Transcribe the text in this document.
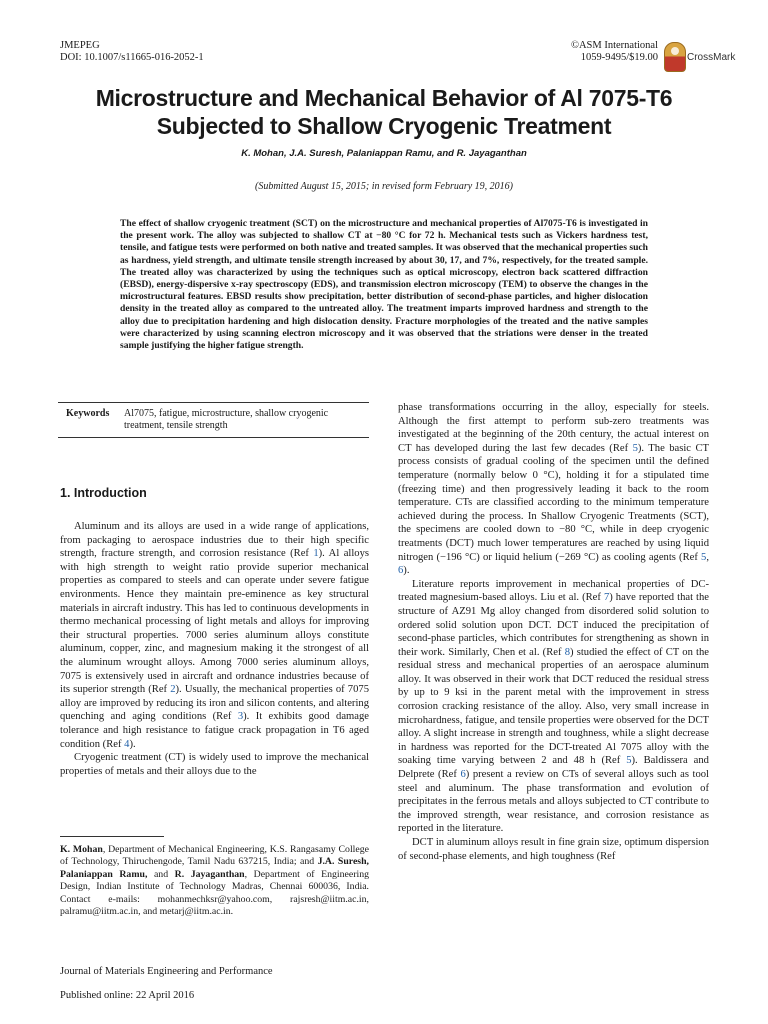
JMEPEG
DOI: 10.1007/s11665-016-2052-1
©ASM International
1059-9495/$19.00	CrossMark
Microstructure and Mechanical Behavior of Al 7075-T6 Subjected to Shallow Cryogenic Treatment
K. Mohan, J.A. Suresh, Palaniappan Ramu, and R. Jayaganthan
(Submitted August 15, 2015; in revised form February 19, 2016)
The effect of shallow cryogenic treatment (SCT) on the microstructure and mechanical properties of Al7075-T6 is investigated in the present work. The alloy was subjected to shallow CT at −80 °C for 72 h. Mechanical tests such as Vickers hardness test, tensile, and fatigue tests were performed on both native and treated samples. It was observed that the mechanical properties such as hardness, yield strength, and ultimate tensile strength increased by about 30, 17, and 7%, respectively, for the treated sample. The treated alloy was characterized by using the techniques such as optical microscopy, electron back scattered diffraction (EBSD), energy-dispersive x-ray spectroscopy (EDS), and transmission electron microscopy (TEM) to observe the changes in the microstructural features. EBSD results show precipitation, better distribution of second-phase particles, and higher dislocation density in the treated alloy as compared to the untreated alloy. The treatment imparts improved hardness and strength to the alloy due to precipitation hardening and high dislocation density. Fracture morphologies of the treated and the native samples were characterized by using scanning electron microscopy and it was observed that the striations were denser in the treated sample justifying the higher fatigue strength.
Keywords	Al7075, fatigue, microstructure, shallow cryogenic treatment, tensile strength
1. Introduction

Aluminum and its alloys are used in a wide range of applications, from packaging to aerospace industries due to their high specific strength, fracture strength, and corrosion resistance (Ref 1). Al alloys with high strength to weight ratio provide superior mechanical properties as compared to steels and can operate under severe fatigue environments. Hence they maintain pre-eminence as key structural materials in aircraft industry. This has led to continuous developments in thermo mechanical processing of light metals and alloys for improving their structural properties. 7000 series aluminum alloys constitute aluminum, copper, zinc, and magnesium making it the strongest of all the aluminum wrought alloys. Among 7000 series aluminum alloys, 7075 is extensively used in aircraft and ordnance industries because of its superior strength (Ref 2). Usually, the mechanical properties of 7075 alloy are improved by reducing its iron and silicon contents, and altering quenching and aging conditions (Ref 3). It exhibits good damage tolerance and high resistance to fatigue crack propagation in T6 aged condition (Ref 4).

Cryogenic treatment (CT) is widely used to improve the mechanical properties of metals and their alloys due to the

phase transformations occurring in the alloy, especially for steels. Although the first attempt to perform sub-zero treatments was investigated at the beginning of the 20th century, the actual interest on CT has developed during the last few decades (Ref 5). The basic CT process consists of gradual cooling of the specimen until the defined temperature (normally below 0 °C), holding it for a stipulated time (freezing time) and then progressively leading it back to the room temperature. CTs are classified according to the minimum temperature achieved during the process. In Shallow Cryogenic Treatments (SCT), the specimens are cooled down to −80 °C, while in deep cryogenic treatments (DCT) much lower temperatures are reached by using liquid nitrogen (−196 °C) or liquid helium (−269 °C) as cooling agents (Ref 5, 6).

Literature reports improvement in mechanical properties of DC-treated magnesium-based alloys. Liu et al. (Ref 7) have reported that the structure of AZ91 Mg alloy changed from disordered solid solution to ordered solid solution upon DCT. DCT induced the precipitation of second-phase particles, which contributes for strengthening as shown in their work. Similarly, Chen et al. (Ref 8) studied the effect of CT on the residual stress and mechanical properties of an aerospace aluminum alloy. It was observed in their work that DCT reduced the residual stress by up to 9 ksi in the parent metal with the improvement in stress corrosion cracking resistance of the alloy. Also, very small increase in microhardness, fatigue, and tensile properties were observed for the DCT alloy. A slight increase in strength and toughness, while a slight decrease in hardness was reported for the DCT-treated Al 7075 alloy with the soaking time varying between 2 and 48 h (Ref 5). Baldissera and Delprete (Ref 6) present a review on CTs of several alloys such as tool steel and aluminum. The phase transformation and evolution of precipitates in the ferrous metals and alloys subjected to CT contribute to the improved strength, wear resistance, and corrosion resistance as reported in the literature.

DCT in aluminum alloys result in fine grain size, optimum dispersion of second-phase elements, and high toughness (Ref

K. Mohan, Department of Mechanical Engineering, K.S. Rangasamy College of Technology, Thiruchengode, Tamil Nadu 637215, India; and J.A. Suresh, Palaniappan Ramu, and R. Jayaganthan, Department of Engineering Design, Indian Institute of Technology Madras, Chennai 600036, India. Contact e-mails: mohanmechksr@yahoo.com, rajsresh@iitm.ac.in, palramu@iitm.ac.in, and metarj@iitm.ac.in.
Journal of Materials Engineering and Performance
Published online: 22 April 2016
